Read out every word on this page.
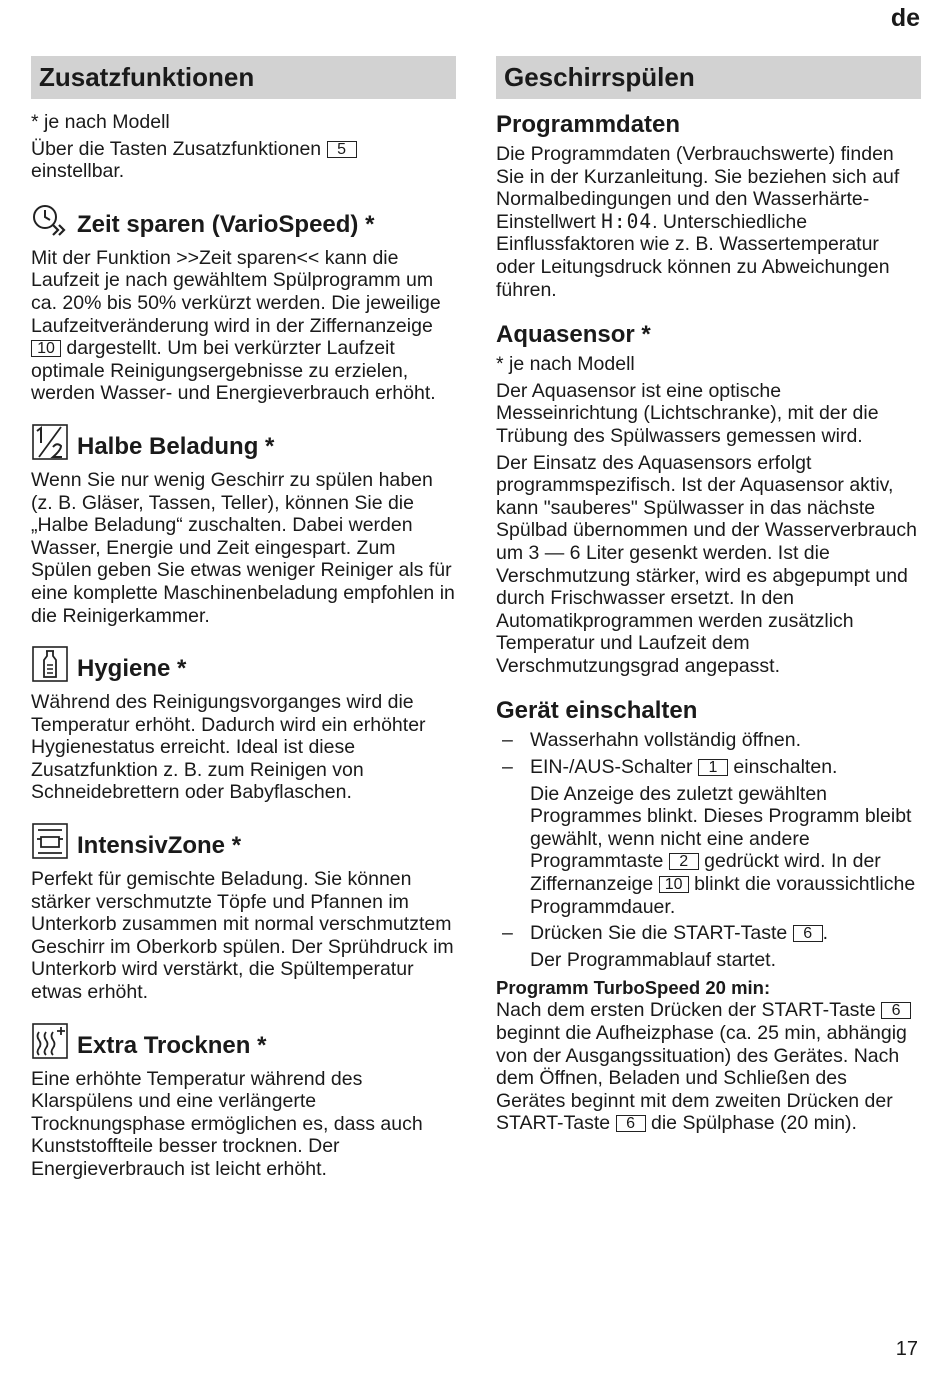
de
Zusatzfunktionen

* je nach Modell

Über die Tasten Zusatzfunktionen 5
einstellbar.

Zeit sparen (VarioSpeed) *

Mit der Funktion >>Zeit sparen<< kann die Laufzeit je nach gewähltem Spülprogramm um ca. 20% bis 50% verkürzt werden. Die jeweilige Laufzeitveränderung wird in der Ziffernanzeige 10 dargestellt. Um bei verkürzter Laufzeit optimale Reinigungsergebnisse zu erzielen, werden Wasser- und Energieverbrauch erhöht.

Halbe Beladung *

Wenn Sie nur wenig Geschirr zu spülen haben (z. B. Gläser, Tassen, Teller), können Sie die „Halbe Beladung“ zuschalten. Dabei werden Wasser, Energie und Zeit eingespart. Zum Spülen geben Sie etwas weniger Reiniger als für eine komplette Maschinenbeladung empfohlen in die Reinigerkammer.

Hygiene *

Während des Reinigungsvorganges wird die Temperatur erhöht. Dadurch wird ein erhöhter Hygienestatus erreicht. Ideal ist diese Zusatzfunktion z. B. zum Reinigen von Schneidebrettern oder Babyflaschen.

IntensivZone *

Perfekt für gemischte Beladung. Sie können stärker verschmutzte Töpfe und Pfannen im Unterkorb zusammen mit normal verschmutztem Geschirr im Oberkorb spülen. Der Sprühdruck im Unterkorb wird verstärkt, die Spültemperatur etwas erhöht.

Extra Trocknen *

Eine erhöhte Temperatur während des Klarspülens und eine verlängerte Trocknungsphase ermöglichen es, dass auch Kunststoffteile besser trocknen. Der Energieverbrauch ist leicht erhöht.

Geschirrspülen
Programmdaten

Die Programmdaten (Verbrauchswerte) finden Sie in der Kurzanleitung. Sie beziehen sich auf Normalbedingungen und den Wasserhärte-Einstellwert H:04. Unterschiedliche Einflussfaktoren wie z. B. Wassertemperatur oder Leitungsdruck können zu Abweichungen führen.

Aquasensor *

* je nach Modell

Der Aquasensor ist eine optische Messeinrichtung (Lichtschranke), mit der die Trübung des Spülwassers gemessen wird.

Der Einsatz des Aquasensors erfolgt programmspezifisch. Ist der Aquasensor aktiv, kann "sauberes" Spülwasser in das nächste Spülbad übernommen und der Wasserverbrauch um 3 — 6 Liter gesenkt werden. Ist die Verschmutzung stärker, wird es abgepumpt und durch Frischwasser ersetzt. In den Automatikprogrammen werden zusätzlich Temperatur und Laufzeit dem Verschmutzungsgrad angepasst.

Gerät einschalten
– Wasserhahn vollständig öffnen.
– EIN-/AUS-Schalter 1 einschalten.
Die Anzeige des zuletzt gewählten Programmes blinkt. Dieses Programm bleibt gewählt, wenn nicht eine andere Programmtaste 2 gedrückt wird. In der Ziffernanzeige 10 blinkt die voraussichtliche Programmdauer.
– Drücken Sie die START-Taste 6 .
Der Programmablauf startet.
Programm TurboSpeed 20 min:

Nach dem ersten Drücken der START-Taste 6 beginnt die Aufheizphase (ca. 25 min, abhängig von der Ausgangssituation) des Gerätes. Nach dem Öffnen, Beladen und Schließen des Gerätes beginnt mit dem zweiten Drücken der START-Taste 6 die Spülphase (20 min).

17
